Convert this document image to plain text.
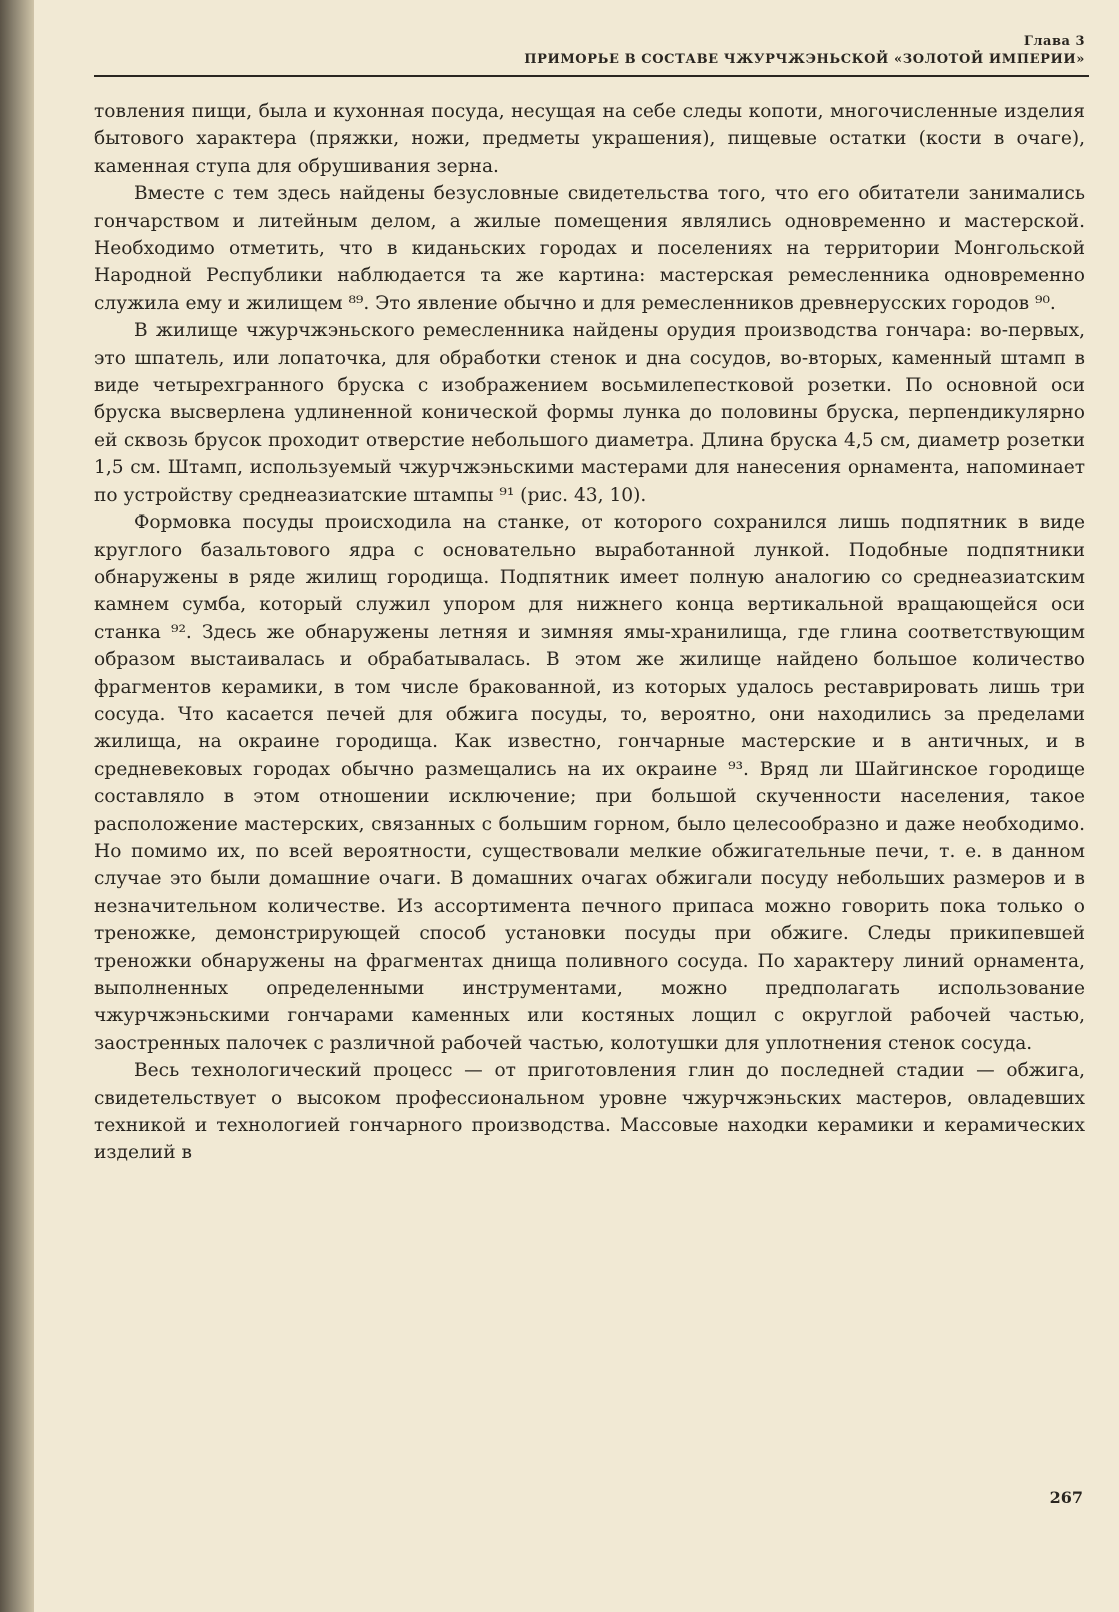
Глава 3
ПРИМОРЬЕ В СОСТАВЕ ЧЖУРЧЖЭНЬСКОЙ «ЗОЛОТОЙ ИМПЕРИИ»

товления пищи, была и кухонная посуда, несущая на себе следы копоти, многочисленные изделия бытового характера (пряжки, ножи, предметы украшения), пищевые остатки (кости в очаге), каменная ступа для обрушивания зерна.

Вместе с тем здесь найдены безусловные свидетельства того, что его обитатели занимались гончарством и литейным делом, а жилые помещения являлись одновременно и мастерской. Необходимо отметить, что в киданьских городах и поселениях на территории Монгольской Народной Республики наблюдается та же картина: мастерская ремесленника одновременно служила ему и жилищем ⁸⁹. Это явление обычно и для ремесленников древнерусских городов ⁹⁰.

В жилище чжурчжэньского ремесленника найдены орудия производства гончара: во-первых, это шпатель, или лопаточка, для обработки стенок и дна сосудов, во-вторых, каменный штамп в виде четырехгранного бруска с изображением восьмилепестковой розетки. По основной оси бруска высверлена удлиненной конической формы лунка до половины бруска, перпендикулярно ей сквозь брусок проходит отверстие небольшого диаметра. Длина бруска 4,5 см, диаметр розетки 1,5 см. Штамп, используемый чжурчжэньскими мастерами для нанесения орнамента, напоминает по устройству среднеазиатские штампы ⁹¹ (рис. 43, 10).

Формовка посуды происходила на станке, от которого сохранился лишь подпятник в виде круглого базальтового ядра с основательно выработанной лункой. Подобные подпятники обнаружены в ряде жилищ городища. Подпятник имеет полную аналогию со среднеазиатским камнем сумба, который служил упором для нижнего конца вертикальной вращающейся оси станка ⁹². Здесь же обнаружены летняя и зимняя ямы-хранилища, где глина соответствующим образом выстаивалась и обрабатывалась. В этом же жилище найдено большое количество фрагментов керамики, в том числе бракованной, из которых удалось реставрировать лишь три сосуда. Что касается печей для обжига посуды, то, вероятно, они находились за пределами жилища, на окраине городища. Как известно, гончарные мастерские и в античных, и в средневековых городах обычно размещались на их окраине ⁹³. Вряд ли Шайгинское городище составляло в этом отношении исключение; при большой скученности населения, такое расположение мастерских, связанных с большим горном, было целесообразно и даже необходимо. Но помимо их, по всей вероятности, существовали мелкие обжигательные печи, т. е. в данном случае это были домашние очаги. В домашних очагах обжигали посуду небольших размеров и в незначительном количестве. Из ассортимента печного припаса можно говорить пока только о треножке, демонстрирующей способ установки посуды при обжиге. Следы прикипевшей треножки обнаружены на фрагментах днища поливного сосуда. По характеру линий орнамента, выполненных определенными инструментами, можно предполагать использование чжурчжэньскими гончарами каменных или костяных лощил с округлой рабочей частью, заостренных палочек с различной рабочей частью, колотушки для уплотнения стенок сосуда.

Весь технологический процесс — от приготовления глин до последней стадии — обжига, свидетельствует о высоком профессиональном уровне чжурчжэньских мастеров, овладевших техникой и технологией гончарного производства. Массовые находки керамики и керамических изделий в

267
